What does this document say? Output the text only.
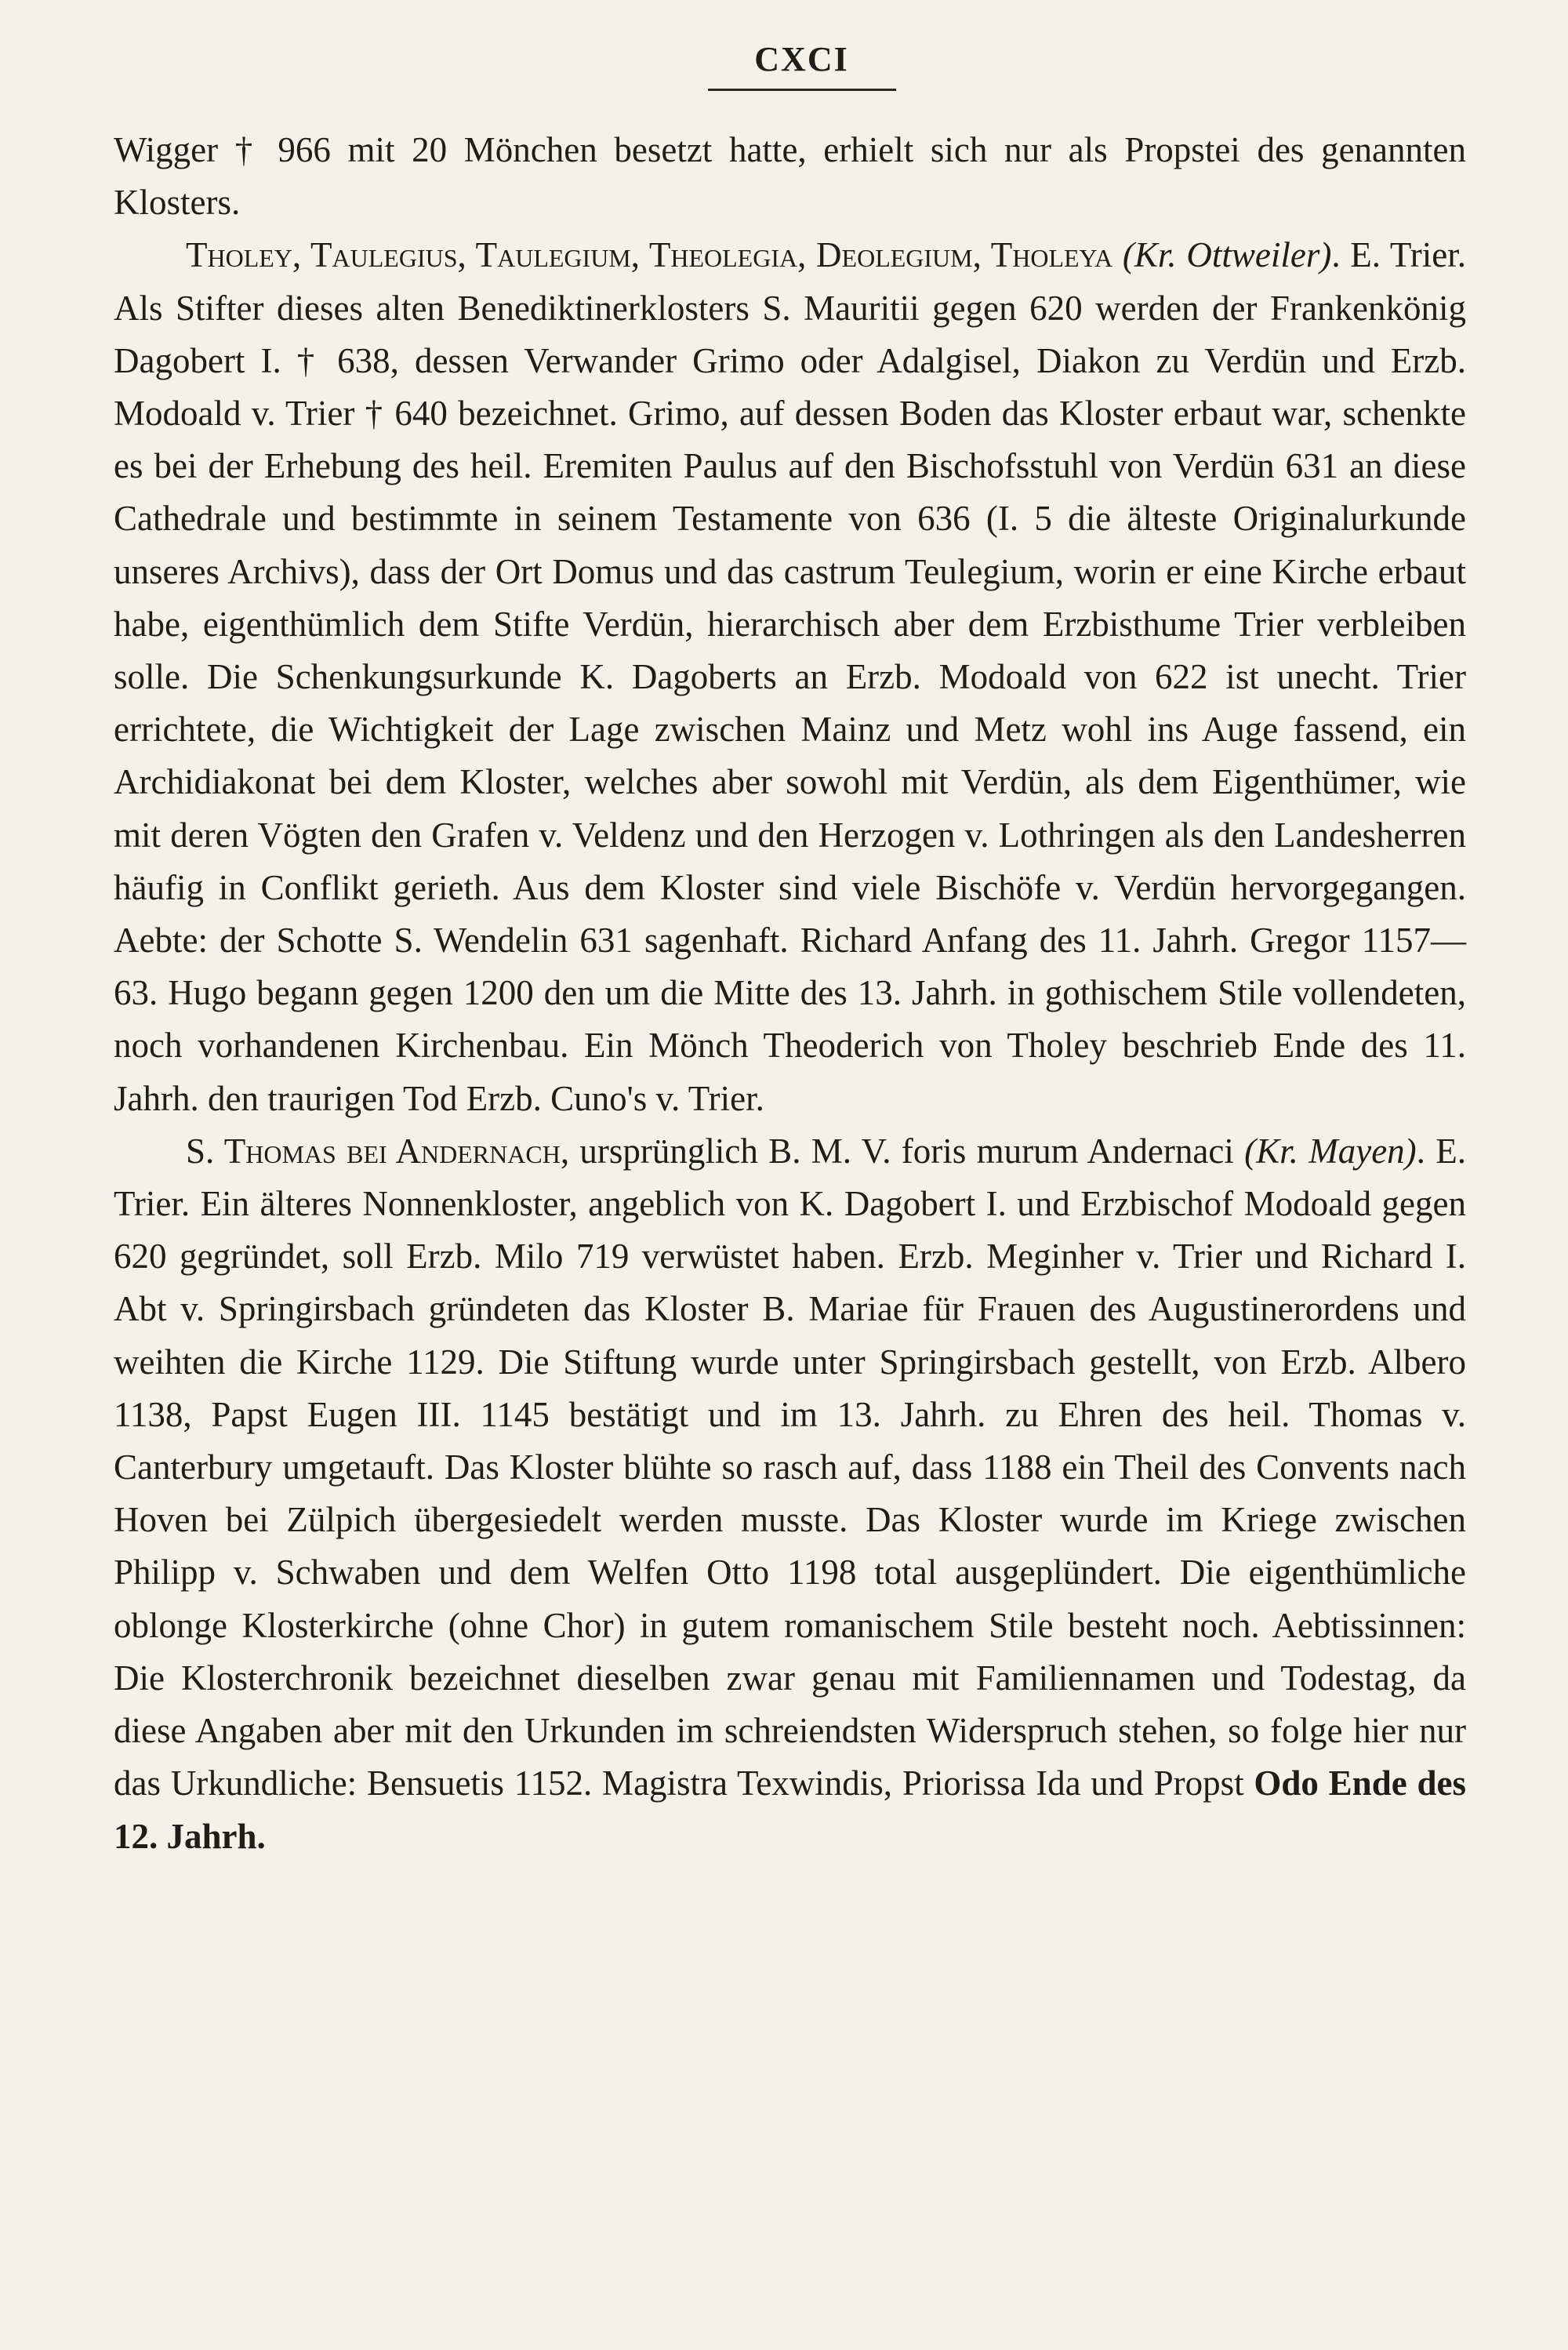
CXCI

Wigger † 966 mit 20 Mönchen besetzt hatte, erhielt sich nur als Propstei des genannten Klosters.

Tholey, Taulegius, Taulegium, Theolegia, Deolegium, Tholeya (Kr. Ottweiler). E. Trier. Als Stifter dieses alten Benediktinerklosters S. Mauritii gegen 620 werden der Frankenkönig Dagobert I. † 638, dessen Verwander Grimo oder Adalgisel, Diakon zu Verdün und Erzb. Modoald v. Trier † 640 bezeichnet. Grimo, auf dessen Boden das Kloster erbaut war, schenkte es bei der Erhebung des heil. Eremiten Paulus auf den Bischofsstuhl von Verdün 631 an diese Cathedrale und bestimmte in seinem Testamente von 636 (I. 5 die älteste Originalurkunde unseres Archivs), dass der Ort Domus und das castrum Teulegium, worin er eine Kirche erbaut habe, eigenthümlich dem Stifte Verdün, hierarchisch aber dem Erzbisthume Trier verbleiben solle. Die Schenkungsurkunde K. Dagoberts an Erzb. Modoald von 622 ist unecht. Trier errichtete, die Wichtigkeit der Lage zwischen Mainz und Metz wohl ins Auge fassend, ein Archidiakonat bei dem Kloster, welches aber sowohl mit Verdün, als dem Eigenthümer, wie mit deren Vögten den Grafen v. Veldenz und den Herzogen v. Lothringen als den Landesherren häufig in Conflikt gerieth. Aus dem Kloster sind viele Bischöfe v. Verdün hervorgegangen. Aebte: der Schotte S. Wendelin 631 sagenhaft. Richard Anfang des 11. Jahrh. Gregor 1157—63. Hugo begann gegen 1200 den um die Mitte des 13. Jahrh. in gothischem Stile vollendeten, noch vorhandenen Kirchenbau. Ein Mönch Theoderich von Tholey beschrieb Ende des 11. Jahrh. den traurigen Tod Erzb. Cuno's v. Trier.

S. Thomas bei Andernach, ursprünglich B. M. V. foris murum Andernaci (Kr. Mayen). E. Trier. Ein älteres Nonnenkloster, angeblich von K. Dagobert I. und Erzbischof Modoald gegen 620 gegründet, soll Erzb. Milo 719 verwüstet haben. Erzb. Meginher v. Trier und Richard I. Abt v. Springirsbach gründeten das Kloster B. Mariae für Frauen des Augustinerordens und weihten die Kirche 1129. Die Stiftung wurde unter Springirsbach gestellt, von Erzb. Albero 1138, Papst Eugen III. 1145 bestätigt und im 13. Jahrh. zu Ehren des heil. Thomas v. Canterbury umgetauft. Das Kloster blühte so rasch auf, dass 1188 ein Theil des Convents nach Hoven bei Zülpich übergesiedelt werden musste. Das Kloster wurde im Kriege zwischen Philipp v. Schwaben und dem Welfen Otto 1198 total ausgeplündert. Die eigenthümliche oblonge Klosterkirche (ohne Chor) in gutem romanischem Stile besteht noch. Aebtissinnen: Die Klosterchronik bezeichnet dieselben zwar genau mit Familiennamen und Todestag, da diese Angaben aber mit den Urkunden im schreiendsten Widerspruch stehen, so folge hier nur das Urkundliche: Bensuetis 1152. Magistra Texwindis, Priorissa Ida und Propst Odo Ende des 12. Jahrh.
